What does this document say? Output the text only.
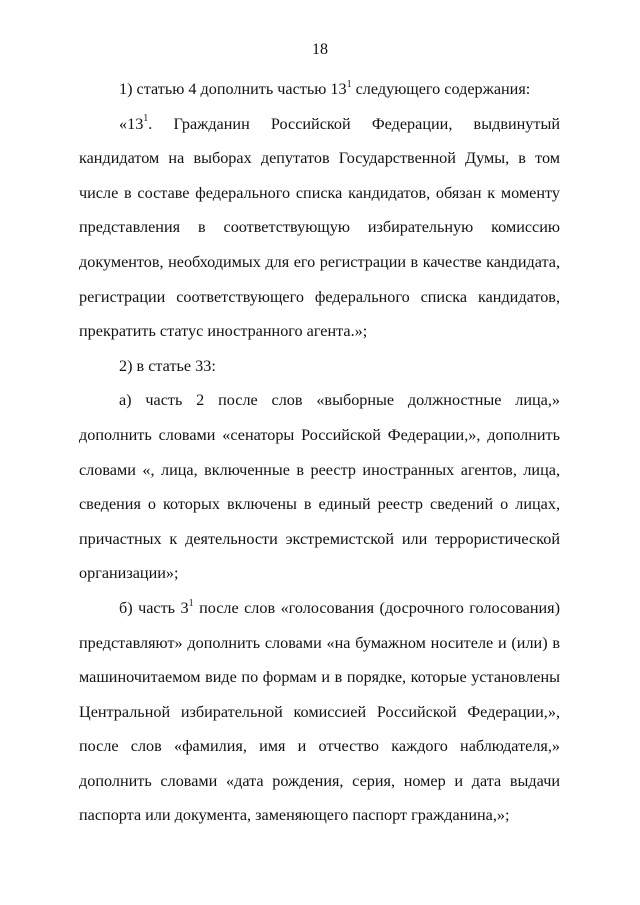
18

1) статью 4 дополнить частью $13^1$ следующего содержания:

«$13^1$. Гражданин Российской Федерации, выдвинутый кандидатом на выборах депутатов Государственной Думы, в том числе в составе федерального списка кандидатов, обязан к моменту представления в соответствующую избирательную комиссию документов, необходимых для его регистрации в качестве кандидата, регистрации соответствующего федерального списка кандидатов, прекратить статус иностранного агента.»;

2) в статье 33:

а) часть 2 после слов «выборные должностные лица,» дополнить словами «сенаторы Российской Федерации,», дополнить словами «, лица, включенные в реестр иностранных агентов, лица, сведения о которых включены в единый реестр сведений о лицах, причастных к деятельности экстремистской или террористической организации»;

б) часть $3^1$ после слов «голосования (досрочного голосования) представляют» дополнить словами «на бумажном носителе и (или) в машиночитаемом виде по формам и в порядке, которые установлены Центральной избирательной комиссией Российской Федерации,», после слов «фамилия, имя и отчество каждого наблюдателя,» дополнить словами «дата рождения, серия, номер и дата выдачи паспорта или документа, заменяющего паспорт гражданина,»;
